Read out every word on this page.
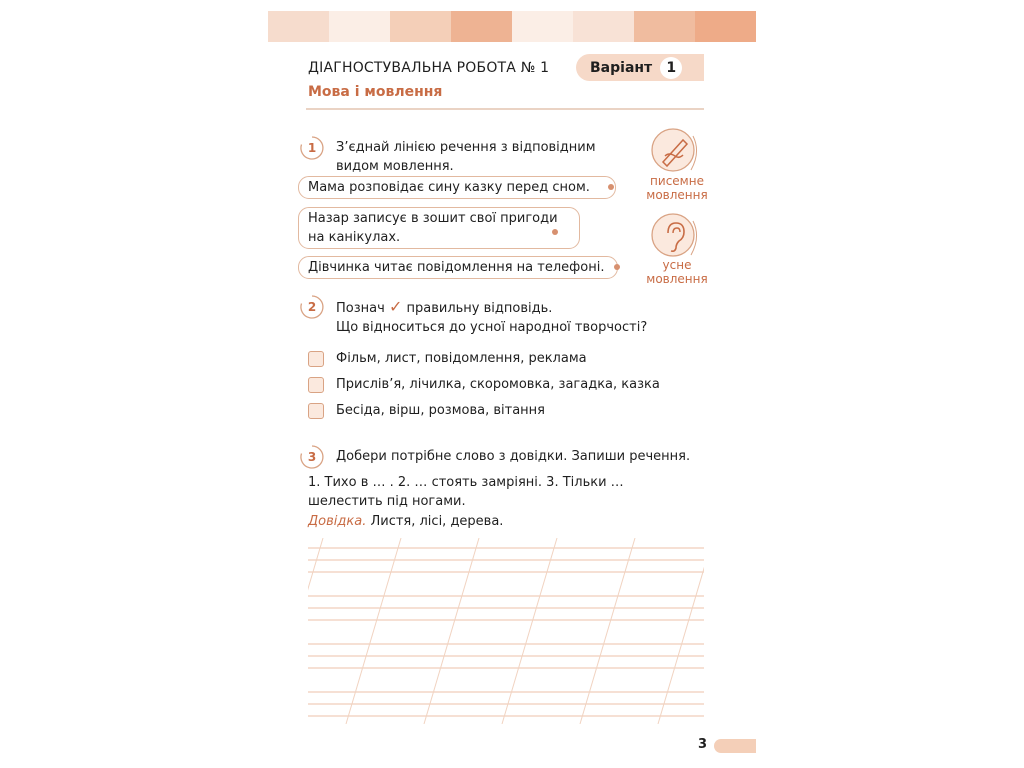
ДІАГНОСТУВАЛЬНА РОБОТА № 1	Варіант	1
Мова і мовлення
1	З’єднай лінією речення з відповідним видом мовлення.
Мама розповідає сину казку перед сном.
Назар записує в зошит свої пригоди на канікулах.
Дівчинка читає повідомлення на телефоні.
писемне мовлення
усне мовлення
2	Познач ✓ правильну відповідь.
Що відноситься до усної народної творчості?
Фільм, лист, повідомлення, реклама
Прислів’я, лічилка, скоромовка, загадка, казка
Бесіда, вірш, розмова, вітання
3	Добери потрібне слово з довідки. Запиши речення.
1. Тихо в … . 2. … стоять замріяні. 3. Тільки … шелестить під ногами.
Довідка. Листя, лісі, дерева.
3
